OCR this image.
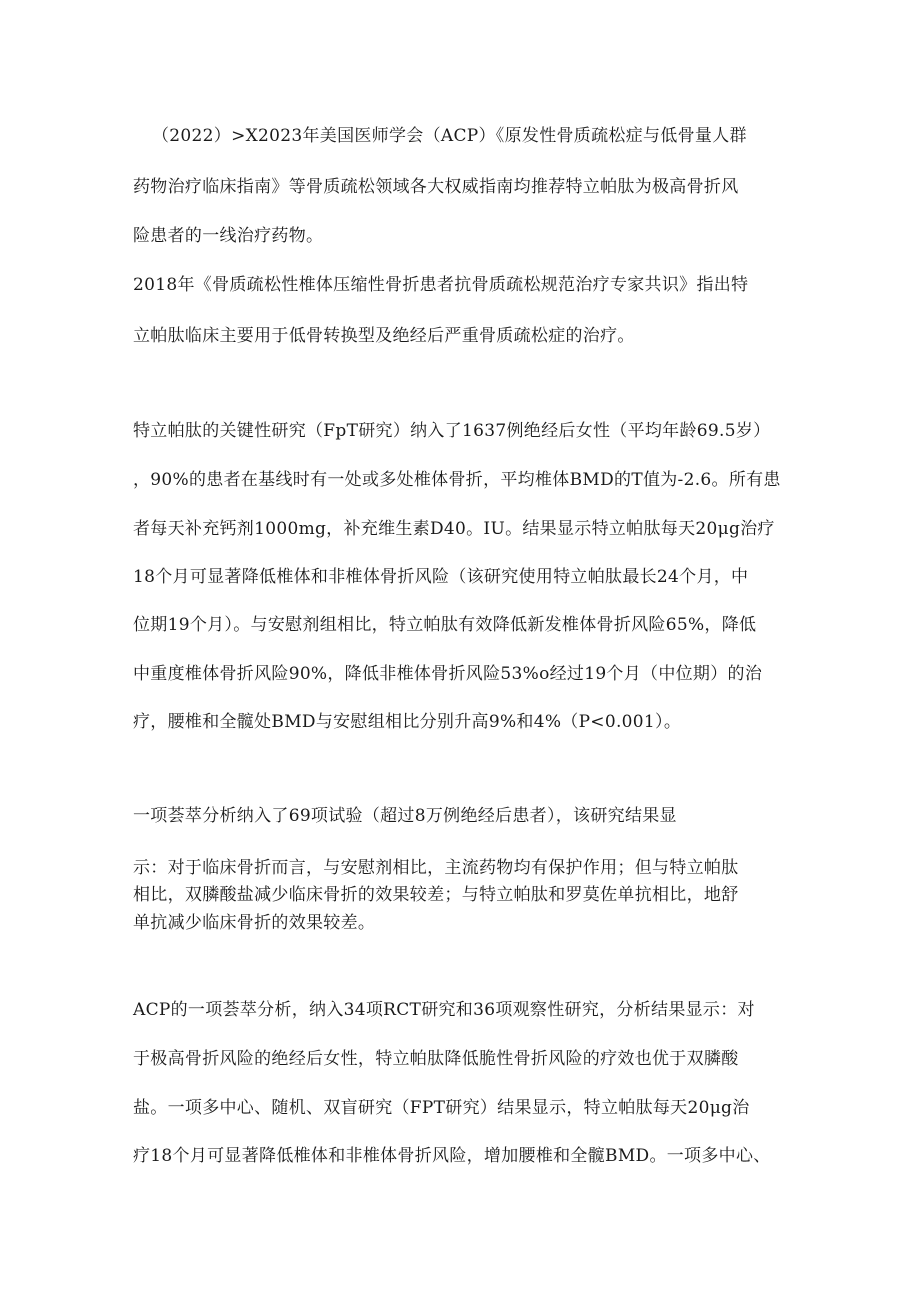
（2022）>X2023年美国医师学会（ACP）《原发性骨质疏松症与低骨量人群
药物治疗临床指南》等骨质疏松领域各大权威指南均推荐特立帕肽为极高骨折风
险患者的一线治疗药物。
2018年《骨质疏松性椎体压缩性骨折患者抗骨质疏松规范治疗专家共识》指出特
立帕肽临床主要用于低骨转换型及绝经后严重骨质疏松症的治疗。
特立帕肽的关键性研究（FpT研究）纳入了1637例绝经后女性（平均年龄69.5岁）
，90%的患者在基线时有一处或多处椎体骨折，平均椎体BMD的T值为-2.6。所有患
者每天补充钙剂1000mg，补充维生素D40。IU。结果显示特立帕肽每天20μg治疗
18个月可显著降低椎体和非椎体骨折风险（该研究使用特立帕肽最长24个月，中
位期19个月）。与安慰剂组相比，特立帕肽有效降低新发椎体骨折风险65%，降低
中重度椎体骨折风险90%，降低非椎体骨折风险53%o经过19个月（中位期）的治
疗，腰椎和全髋处BMD与安慰组相比分别升高9%和4%（P<0.001）。
一项荟萃分析纳入了69项试验（超过8万例绝经后患者），该研究结果显
示：对于临床骨折而言，与安慰剂相比，主流药物均有保护作用；但与特立帕肽
相比，双膦酸盐减少临床骨折的效果较差；与特立帕肽和罗莫佐单抗相比，地舒
单抗减少临床骨折的效果较差。
ACP的一项荟萃分析，纳入34项RCT研究和36项观察性研究，分析结果显示：对
于极高骨折风险的绝经后女性，特立帕肽降低脆性骨折风险的疗效也优于双膦酸
盐。一项多中心、随机、双盲研究（FPT研究）结果显示，特立帕肽每天20μg治
疗18个月可显著降低椎体和非椎体骨折风险，增加腰椎和全髋BMD。一项多中心、
